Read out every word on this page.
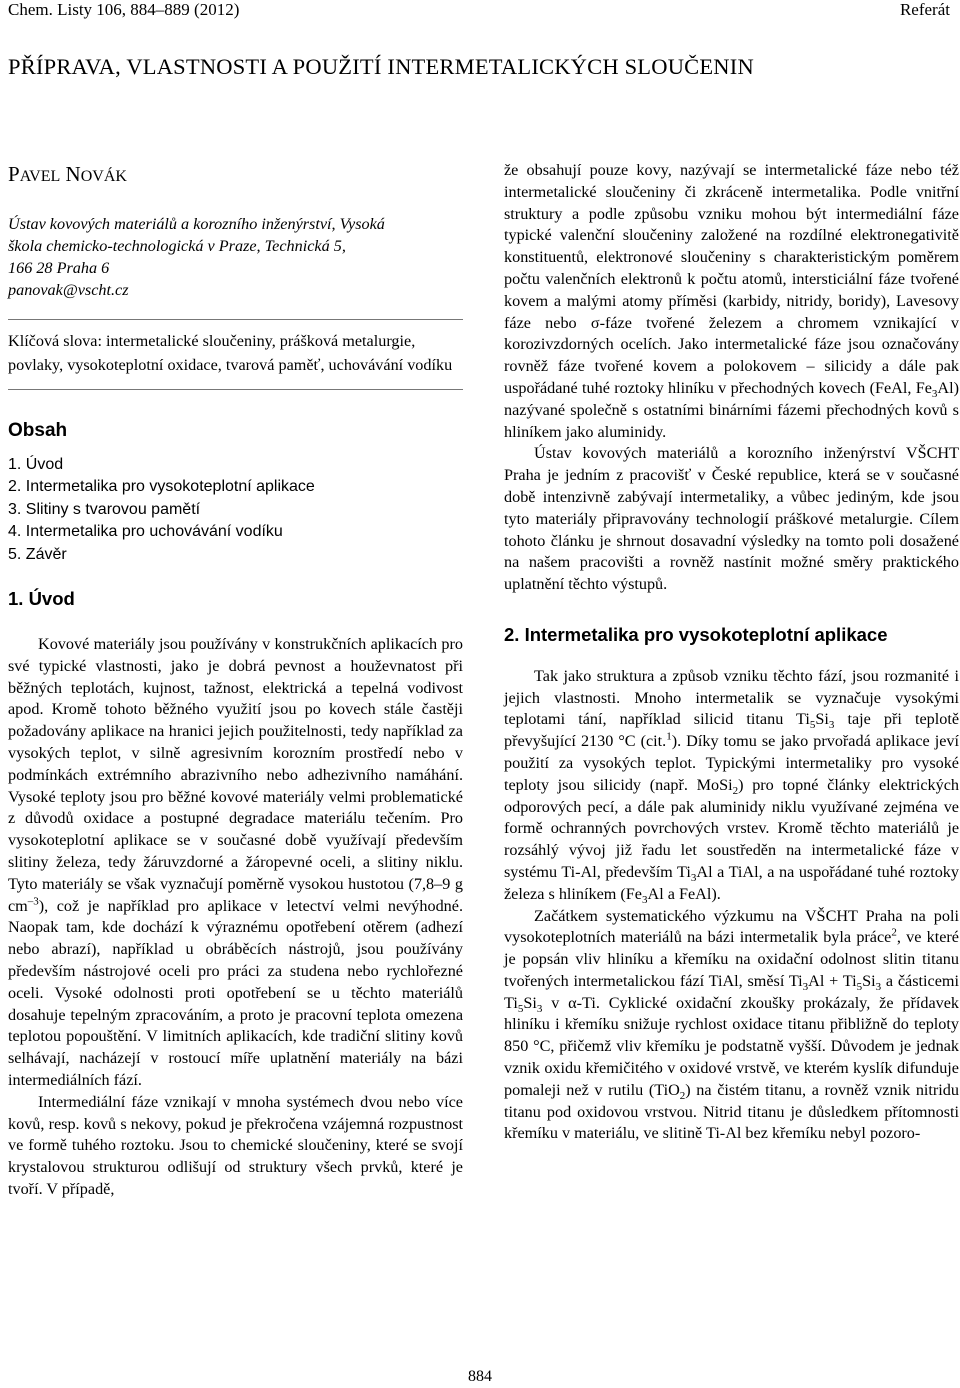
Chem. Listy 106, 884–889 (2012)	Referát
PŘÍPRAVA, VLASTNOSTI A POUŽITÍ INTERMETALICKÝCH SLOUČENIN
PAVEL NOVÁK

Ústav kovových materiálů a korozního inženýrství, Vysoká

škola chemicko-technologická v Praze, Technická 5,

166 28 Praha 6

panovak@vscht.cz

Klíčová slova: intermetalické sloučeniny, prášková metalurgie, povlaky, vysokoteplotní oxidace, tvarová paměť, uchovávání vodíku

Obsah
1. Úvod
2. Intermetalika pro vysokoteplotní aplikace
3. Slitiny s tvarovou pamětí
4. Intermetalika pro uchovávání vodíku
5. Závěr
1. Úvod

Kovové materiály jsou používány v konstrukčních aplikacích pro své typické vlastnosti, jako je dobrá pevnost a houževnatost při běžných teplotách, kujnost, tažnost, elektrická a tepelná vodivost apod. Kromě tohoto běžného využití jsou po kovech stále častěji požadovány aplikace na hranici jejich použitelnosti, tedy například za vysokých teplot, v silně agresivním korozním prostředí nebo v podmínkách extrémního abrazivního nebo adhezivního namáhání. Vysoké teploty jsou pro běžné kovové materiály velmi problematické z důvodů oxidace a postupné degradace materiálu tečením. Pro vysokoteplotní aplikace se v současné době využívají především slitiny železa, tedy žáruvzdorné a žáropevné oceli, a slitiny niklu. Tyto materiály se však vyznačují poměrně vysokou hustotou (7,8–9 g $cm^{-3}$), což je například pro aplikace v letectví velmi nevýhodné. Naopak tam, kde dochází k výraznému opotřebení otěrem (adhezí nebo abrazí), například u obráběcích nástrojů, jsou používány především nástrojové oceli pro práci za studena nebo rychlořezné oceli. Vysoké odolnosti proti opotřebení se u těchto materiálů dosahuje tepelným zpracováním, a proto je pracovní teplota omezena teplotou popouštění. V limitních aplikacích, kde tradiční slitiny kovů selhávají, nacházejí v rostoucí míře uplatnění materiály na bázi intermediálních fází.

Intermediální fáze vznikají v mnoha systémech dvou nebo více kovů, resp. kovů s nekovy, pokud je překročena vzájemná rozpustnost ve formě tuhého roztoku. Jsou to chemické sloučeniny, které se svojí krystalovou strukturou odlišují od struktury všech prvků, které je tvoří. V případě,

že obsahují pouze kovy, nazývají se intermetalické fáze nebo též intermetalické sloučeniny či zkráceně intermetalika. Podle vnitřní struktury a podle způsobu vzniku mohou být intermediální fáze typické valenční sloučeniny založené na rozdílné elektronegativitě konstituentů, elektronové sloučeniny s charakteristickým poměrem počtu valenčních elektronů k počtu atomů, intersticiální fáze tvořené kovem a malými atomy příměsi (karbidy, nitridy, boridy), Lavesovy fáze nebo σ-fáze tvořené železem a chromem vznikající v korozivzdorných ocelích. Jako intermetalické fáze jsou označovány rovněž fáze tvořené kovem a polokovem – silicidy a dále pak uspořádané tuhé roztoky hliníku v přechodných kovech (FeAl, $Fe_3Al$) nazývané společně s ostatními binárními fázemi přechodných kovů s hliníkem jako aluminidy.

Ústav kovových materiálů a korozního inženýrství VŠCHT Praha je jedním z pracovišť v České republice, která se v současné době intenzivně zabývají intermetaliky, a vůbec jediným, kde jsou tyto materiály připravovány technologií práškové metalurgie. Cílem tohoto článku je shrnout dosavadní výsledky na tomto poli dosažené na našem pracovišti a rovněž nastínit možné směry praktického uplatnění těchto výstupů.

2. Intermetalika pro vysokoteplotní aplikace

Tak jako struktura a způsob vzniku těchto fází, jsou rozmanité i jejich vlastnosti. Mnoho intermetalik se vyznačuje vysokými teplotami tání, například silicid titanu $Ti_5Si_3$ taje při teplotě převyšující 2130 °C (cit.$^1$). Díky tomu se jako prvořadá aplikace jeví použití za vysokých teplot. Typickými intermetaliky pro vysoké teploty jsou silicidy (např. MoSi$_2$) pro topné články elektrických odporových pecí, a dále pak aluminidy niklu využívané zejména ve formě ochranných povrchových vrstev. Kromě těchto materiálů je rozsáhlý vývoj již řadu let soustředěn na intermetalické fáze v systému Ti-Al, především $Ti_3Al$ a TiAl, a na uspořádané tuhé roztoky železa s hliníkem ($Fe_3Al$ a FeAl).

Začátkem systematického výzkumu na VŠCHT Praha na poli vysokoteplotních materiálů na bázi intermetalik byla práce$^2$, ve které je popsán vliv hliníku a křemíku na oxidační odolnost slitin titanu tvořených intermetalickou fází TiAl, směsí $Ti_3Al + Ti_5Si_3$ a částicemi $Ti_5Si_3$ v α-Ti. Cyklické oxidační zkoušky prokázaly, že přídavek hliníku i křemíku snižuje rychlost oxidace titanu přibližně do teploty 850 °C, přičemž vliv křemíku je podstatně vyšší. Důvodem je jednak vznik oxidu křemičitého v oxidové vrstvě, ve kterém kyslík difunduje pomaleji než v rutilu (TiO$_2$) na čistém titanu, a rovněž vznik nitridu titanu pod oxidovou vrstvou. Nitrid titanu je důsledkem přítomnosti křemíku v materiálu, ve slitině Ti-Al bez křemíku nebyl pozoro-

884
